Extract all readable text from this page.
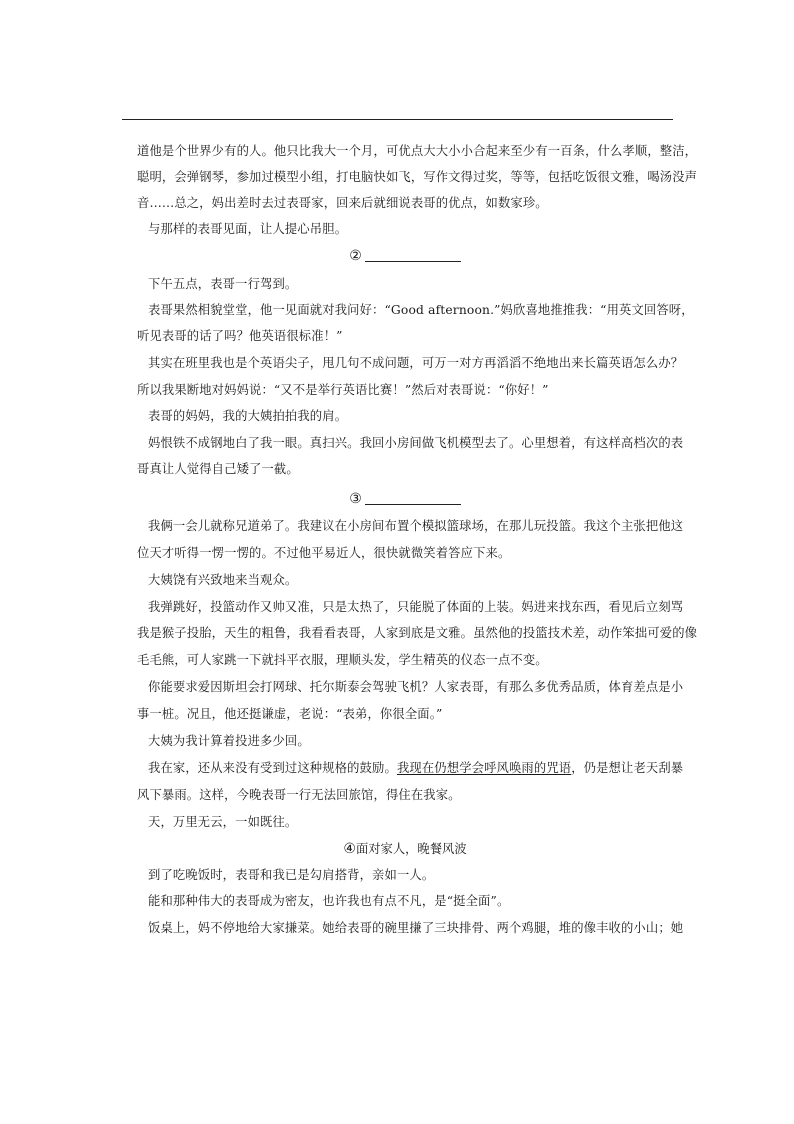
道他是个世界少有的人。他只比我大一个月，可优点大大小小合起来至少有一百条，什么孝顺，整洁，
聪明，会弹钢琴，参加过模型小组，打电脑快如飞，写作文得过奖，等等，包括吃饭很文雅，喝汤没声
音……总之，妈出差时去过表哥家，回来后就细说表哥的优点，如数家珍。
与那样的表哥见面，让人提心吊胆。
②
下午五点，表哥一行驾到。
表哥果然相貌堂堂，他一见面就对我问好：“Good afternoon.”妈欣喜地推推我：“用英文回答呀，
听见表哥的话了吗？他英语很标准！”
其实在班里我也是个英语尖子，甩几句不成问题，可万一对方再滔滔不绝地出来长篇英语怎么办？
所以我果断地对妈妈说：“又不是举行英语比赛！”然后对表哥说：“你好！”
表哥的妈妈，我的大姨拍拍我的肩。
妈恨铁不成钢地白了我一眼。真扫兴。我回小房间做飞机模型去了。心里想着，有这样高档次的表
哥真让人觉得自己矮了一截。
③
我俩一会儿就称兄道弟了。我建议在小房间布置个模拟篮球场，在那儿玩投篮。我这个主张把他这
位天才听得一愣一愣的。不过他平易近人，很快就微笑着答应下来。
大姨饶有兴致地来当观众。
我弹跳好，投篮动作又帅又准，只是太热了，只能脱了体面的上装。妈进来找东西，看见后立刻骂
我是猴子投胎，天生的粗鲁，我看看表哥，人家到底是文雅。虽然他的投篮技术差，动作笨拙可爱的像
毛毛熊，可人家跳一下就抖平衣服，理顺头发，学生精英的仪态一点不变。
你能要求爱因斯坦会打网球、托尔斯泰会驾驶飞机？人家表哥，有那么多优秀品质，体育差点是小
事一桩。况且，他还挺谦虚，老说：“表弟，你很全面。”
大姨为我计算着投进多少回。
我在家，还从来没有受到过这种规格的鼓励。我现在仍想学会呼风唤雨的咒语，仍是想让老天刮暴
风下暴雨。这样，今晚表哥一行无法回旅馆，得住在我家。
天，万里无云，一如既往。
④面对家人，晚餐风波
到了吃晚饭时，表哥和我已是勾肩搭背，亲如一人。
能和那种伟大的表哥成为密友，也许我也有点不凡，是“挺全面”。
饭桌上，妈不停地给大家搛菜。她给表哥的碗里搛了三块排骨、两个鸡腿，堆的像丰收的小山；她
